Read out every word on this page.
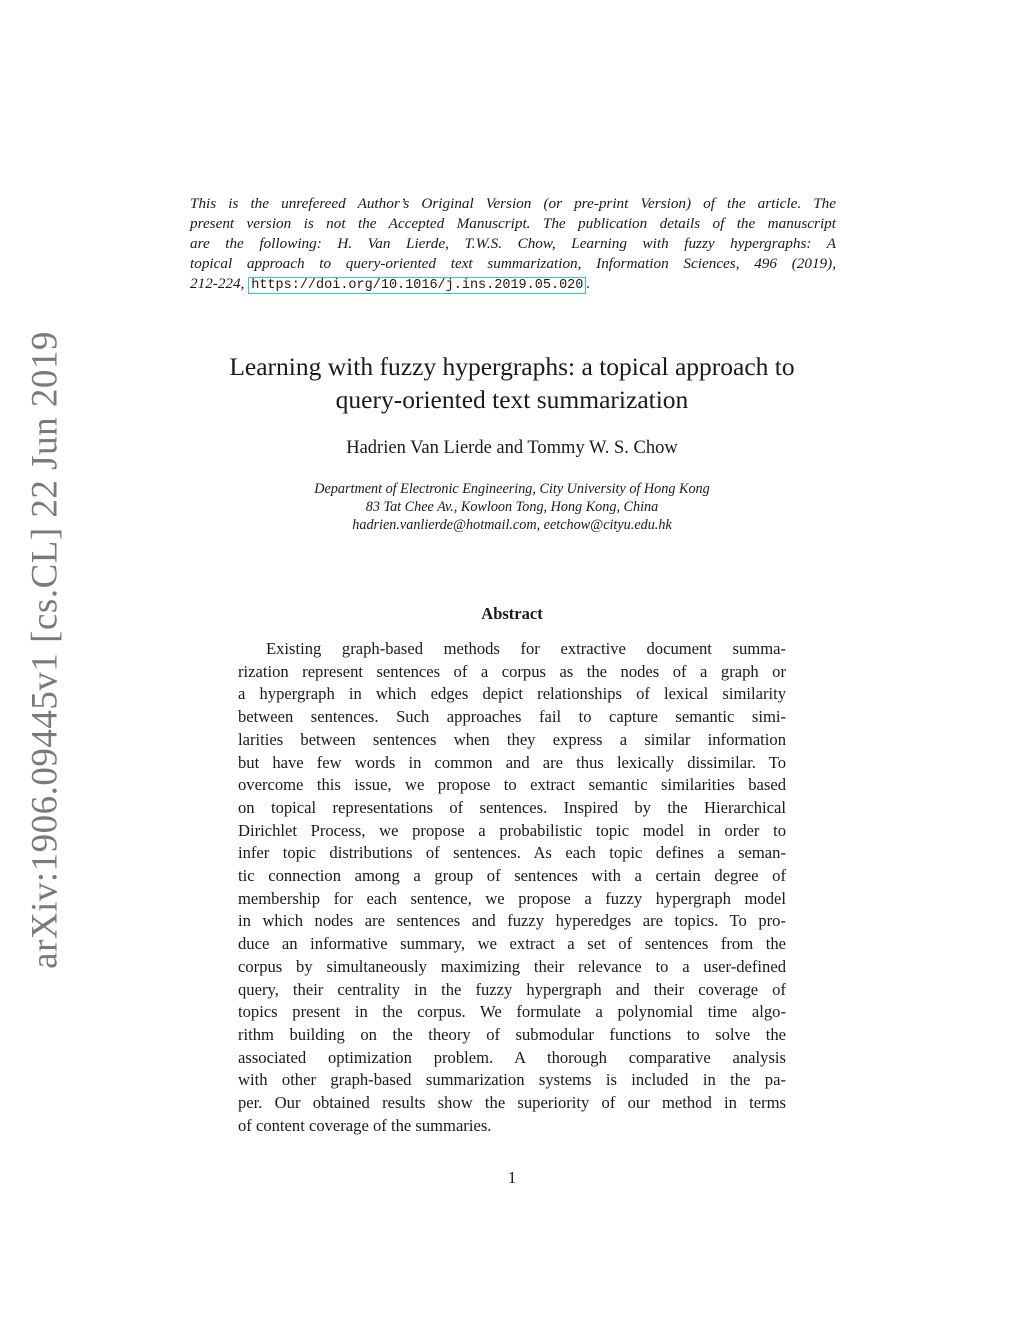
arXiv:1906.09445v1 [cs.CL] 22 Jun 2019
This is the unrefereed Author’s Original Version (or pre-print Version) of the article. The
present version is not the Accepted Manuscript. The publication details of the manuscript
are the following: H. Van Lierde, T.W.S. Chow, Learning with fuzzy hypergraphs: A
topical approach to query-oriented text summarization, Information Sciences, 496 (2019),
212-224, https://doi.org/10.1016/j.ins.2019.05.020 .
Learning with fuzzy hypergraphs: a topical approach to
query-oriented text summarization
Hadrien Van Lierde and Tommy W. S. Chow
Department of Electronic Engineering, City University of Hong Kong
83 Tat Chee Av., Kowloon Tong, Hong Kong, China
hadrien.vanlierde@hotmail.com, eetchow@cityu.edu.hk
Abstract
Existing graph-based methods for extractive document summa-
rization represent sentences of a corpus as the nodes of a graph or
a hypergraph in which edges depict relationships of lexical similarity
between sentences. Such approaches fail to capture semantic simi-
larities between sentences when they express a similar information
but have few words in common and are thus lexically dissimilar. To
overcome this issue, we propose to extract semantic similarities based
on topical representations of sentences. Inspired by the Hierarchical
Dirichlet Process, we propose a probabilistic topic model in order to
infer topic distributions of sentences. As each topic defines a seman-
tic connection among a group of sentences with a certain degree of
membership for each sentence, we propose a fuzzy hypergraph model
in which nodes are sentences and fuzzy hyperedges are topics. To pro-
duce an informative summary, we extract a set of sentences from the
corpus by simultaneously maximizing their relevance to a user-defined
query, their centrality in the fuzzy hypergraph and their coverage of
topics present in the corpus. We formulate a polynomial time algo-
rithm building on the theory of submodular functions to solve the
associated optimization problem. A thorough comparative analysis
with other graph-based summarization systems is included in the pa-
per. Our obtained results show the superiority of our method in terms
of content coverage of the summaries.
1
